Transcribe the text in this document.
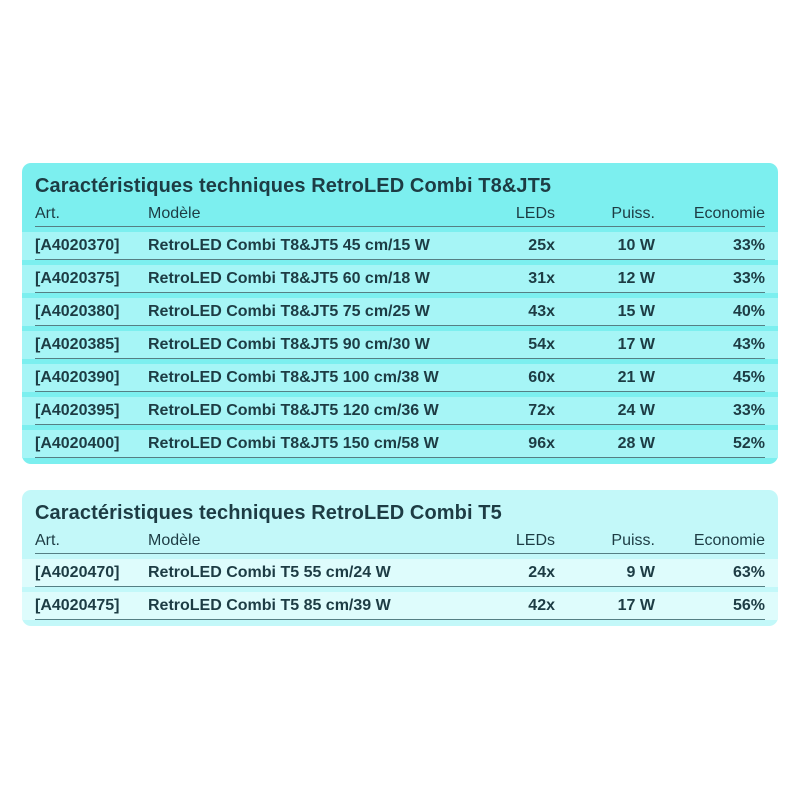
Caractéristiques techniques RetroLED Combi T8&JT5
Art.	Modèle	LEDs	Puiss.	Economie
[A4020370]	RetroLED Combi T8&JT5 45 cm/15 W	25x	10 W	33%
[A4020375]	RetroLED Combi T8&JT5 60 cm/18 W	31x	12 W	33%
[A4020380]	RetroLED Combi T8&JT5 75 cm/25 W	43x	15 W	40%
[A4020385]	RetroLED Combi T8&JT5 90 cm/30 W	54x	17 W	43%
[A4020390]	RetroLED Combi T8&JT5 100 cm/38 W	60x	21 W	45%
[A4020395]	RetroLED Combi T8&JT5 120 cm/36 W	72x	24 W	33%
[A4020400]	RetroLED Combi T8&JT5 150 cm/58 W	96x	28 W	52%
Caractéristiques techniques RetroLED Combi T5
Art.	Modèle	LEDs	Puiss.	Economie
[A4020470]	RetroLED Combi T5 55 cm/24 W	24x	9 W	63%
[A4020475]	RetroLED Combi T5 85 cm/39 W	42x	17 W	56%
